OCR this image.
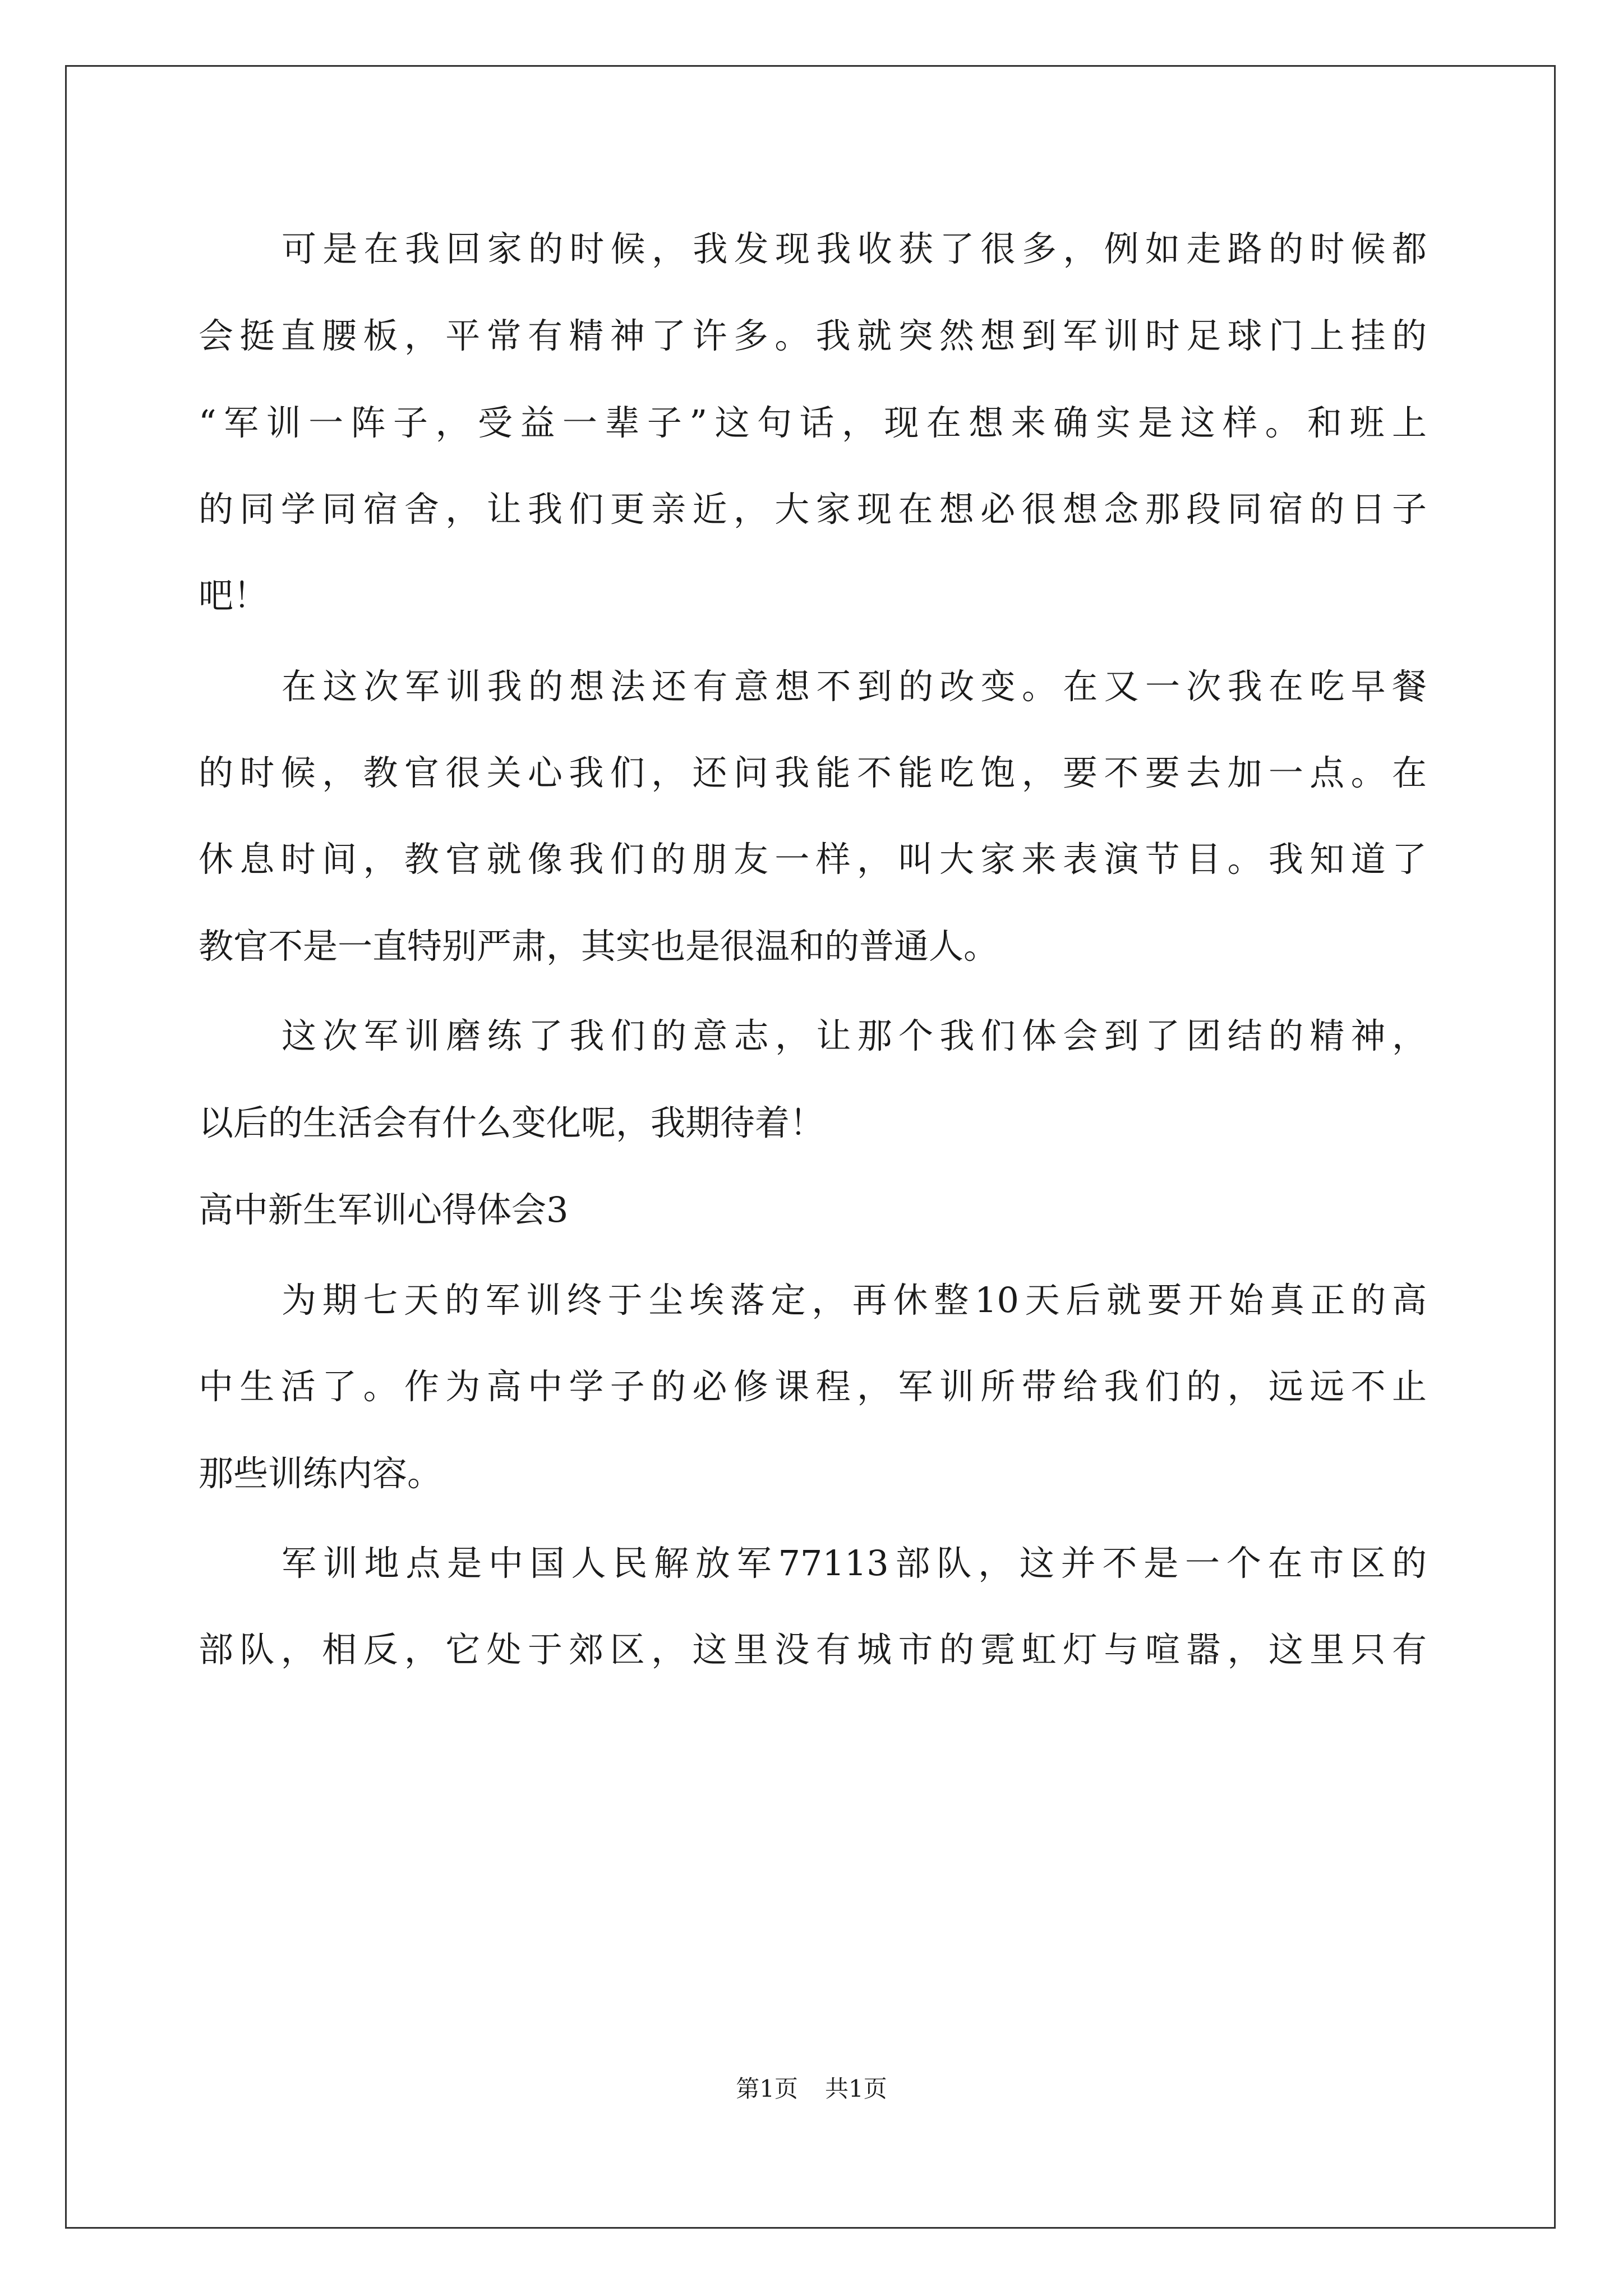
可是在我回家的时候，我发现我收获了很多，例如走路的时候都
会挺直腰板，平常有精神了许多。我就突然想到军训时足球门上挂的
“军训一阵子，受益一辈子”这句话，现在想来确实是这样。和班上
的同学同宿舍，让我们更亲近，大家现在想必很想念那段同宿的日子
吧！
在这次军训我的想法还有意想不到的改变。在又一次我在吃早餐
的时候，教官很关心我们，还问我能不能吃饱，要不要去加一点。在
休息时间，教官就像我们的朋友一样，叫大家来表演节目。我知道了
教官不是一直特别严肃，其实也是很温和的普通人。
这次军训磨练了我们的意志，让那个我们体会到了团结的精神，
以后的生活会有什么变化呢，我期待着！
高中新生军训心得体会3
为期七天的军训终于尘埃落定，再休整10天后就要开始真正的高
中生活了。作为高中学子的必修课程，军训所带给我们的，远远不止
那些训练内容。
军训地点是中国人民解放军77113部队，这并不是一个在市区的
部队，相反，它处于郊区，这里没有城市的霓虹灯与喧嚣，这里只有
第1页 共1页
